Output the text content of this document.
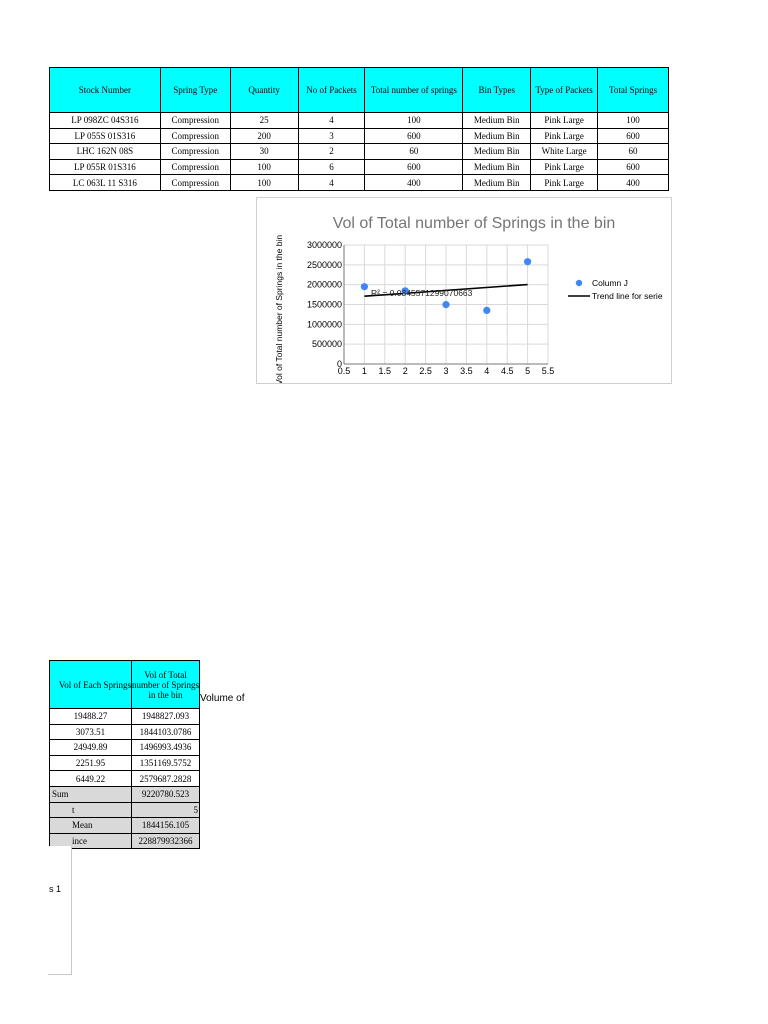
Stock Number	Spring Type	Quantity	No of Packets	Total number of springs	Bin Types	Type of Packets	Total Springs
LP 098ZC 04S316	Compression	25	4	100	Medium Bin	Pink Large	100
LP 055S 01S316	Compression	200	3	600	Medium Bin	Pink Large	600
LHC 162N 08S	Compression	30	2	60	Medium Bin	White Large	60
LP 055R 01S316	Compression	100	6	600	Medium Bin	Pink Large	600
LC 063L 11 S316	Compression	100	4	400	Medium Bin	Pink Large	400
Vol of Total number of Springs in the bin
Vol of Total number of Springs in the bin	0.5 1 1.5 2 2.5 3 3.5 4 4.5 5 5.5
0
500000
1000000
1500000
2000000
2500000
3000000
R² = 0.0345571299070663
Column J
Trend line for serie
Vol of Each Springs	Vol of Total number of Springs in the bin
19488.27	1948827.093
3073.51	1844103.0786
24949.89	1496993.4936
2251.95	1351169.5752
6449.22	2579687.2828
Sum	9220780.523
t	5
Mean	1844156.105
ince	228879932366
Volume of
s 1
